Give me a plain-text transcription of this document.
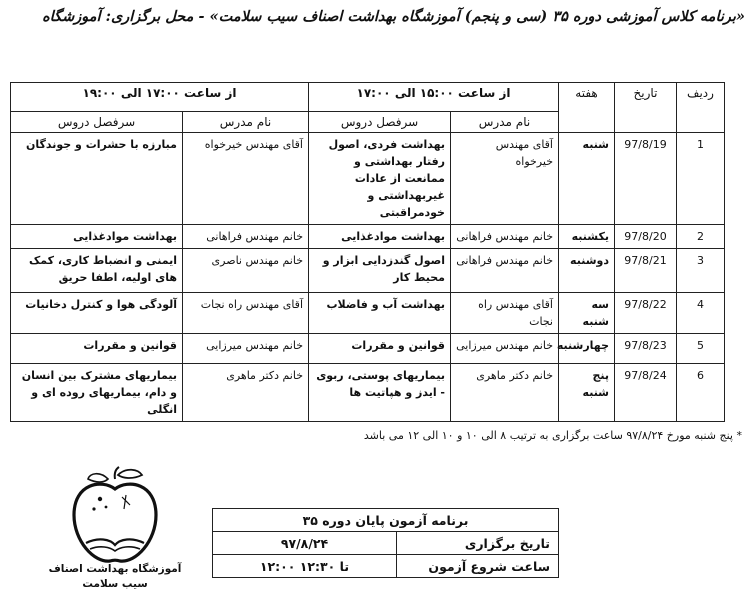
«برنامه کلاس آموزشی دوره ۳۵ (سی و پنجم) آموزشگاه بهداشت اصناف سیب سلامت» - محل برگزاری: آموزشگاه
ردیف	تاریخ	هفته	از ساعت ۱۵:۰۰ الی ۱۷:۰۰		از ساعت ۱۷:۰۰ الی ۱۹:۰۰	
			نام مدرس	سرفصل دروس	نام مدرس	سرفصل دروس
1	97/8/19	شنبه	آقای مهندس خیرخواه	بهداشت فردی، اصول رفتار بهداشتی و ممانعت از عادات غیربهداشتی و خودمراقبتی	آقای مهندس خیرخواه	مبارزه با حشرات و جوندگان
2	97/8/20	یکشنبه	خانم مهندس فراهانی	بهداشت موادغذایی	خانم مهندس فراهانی	بهداشت موادغذایی
3	97/8/21	دوشنبه	خانم مهندس فراهانی	اصول گندزدایی ابزار و محیط کار	خانم مهندس ناصری	ایمنی و انضباط کاری، کمک های اولیه، اطفا حریق
4	97/8/22	سه شنبه	آقای مهندس راه نجات	بهداشت آب و فاضلاب	آقای مهندس راه نجات	آلودگی هوا و کنترل دخانیات
5	97/8/23	چهارشنبه	خانم مهندس میرزایی	قوانین و مقررات	خانم مهندس میرزایی	قوانین و مقررات
6	97/8/24	پنج شنبه	خانم دکتر ماهری	بیماریهای پوستی، ربوی - ایدز و هپاتیت ها	خانم دکتر ماهری	بیماریهای مشترک بین انسان و دام، بیماریهای روده ای و انگلی
* پنج شنبه مورخ ۹۷/۸/۲۴ ساعت برگزاری به ترتیب ۸ الی ۱۰ و ۱۰ الی ۱۲ می باشد
آموزشگاه بهداشت اصناف
سیب سلامت
برنامه آزمون پایان دوره ۳۵	
تاریخ برگزاری	۹۷/۸/۲۴
ساعت شروع آزمون	۱۲:۰۰ تا ۱۲:۳۰
